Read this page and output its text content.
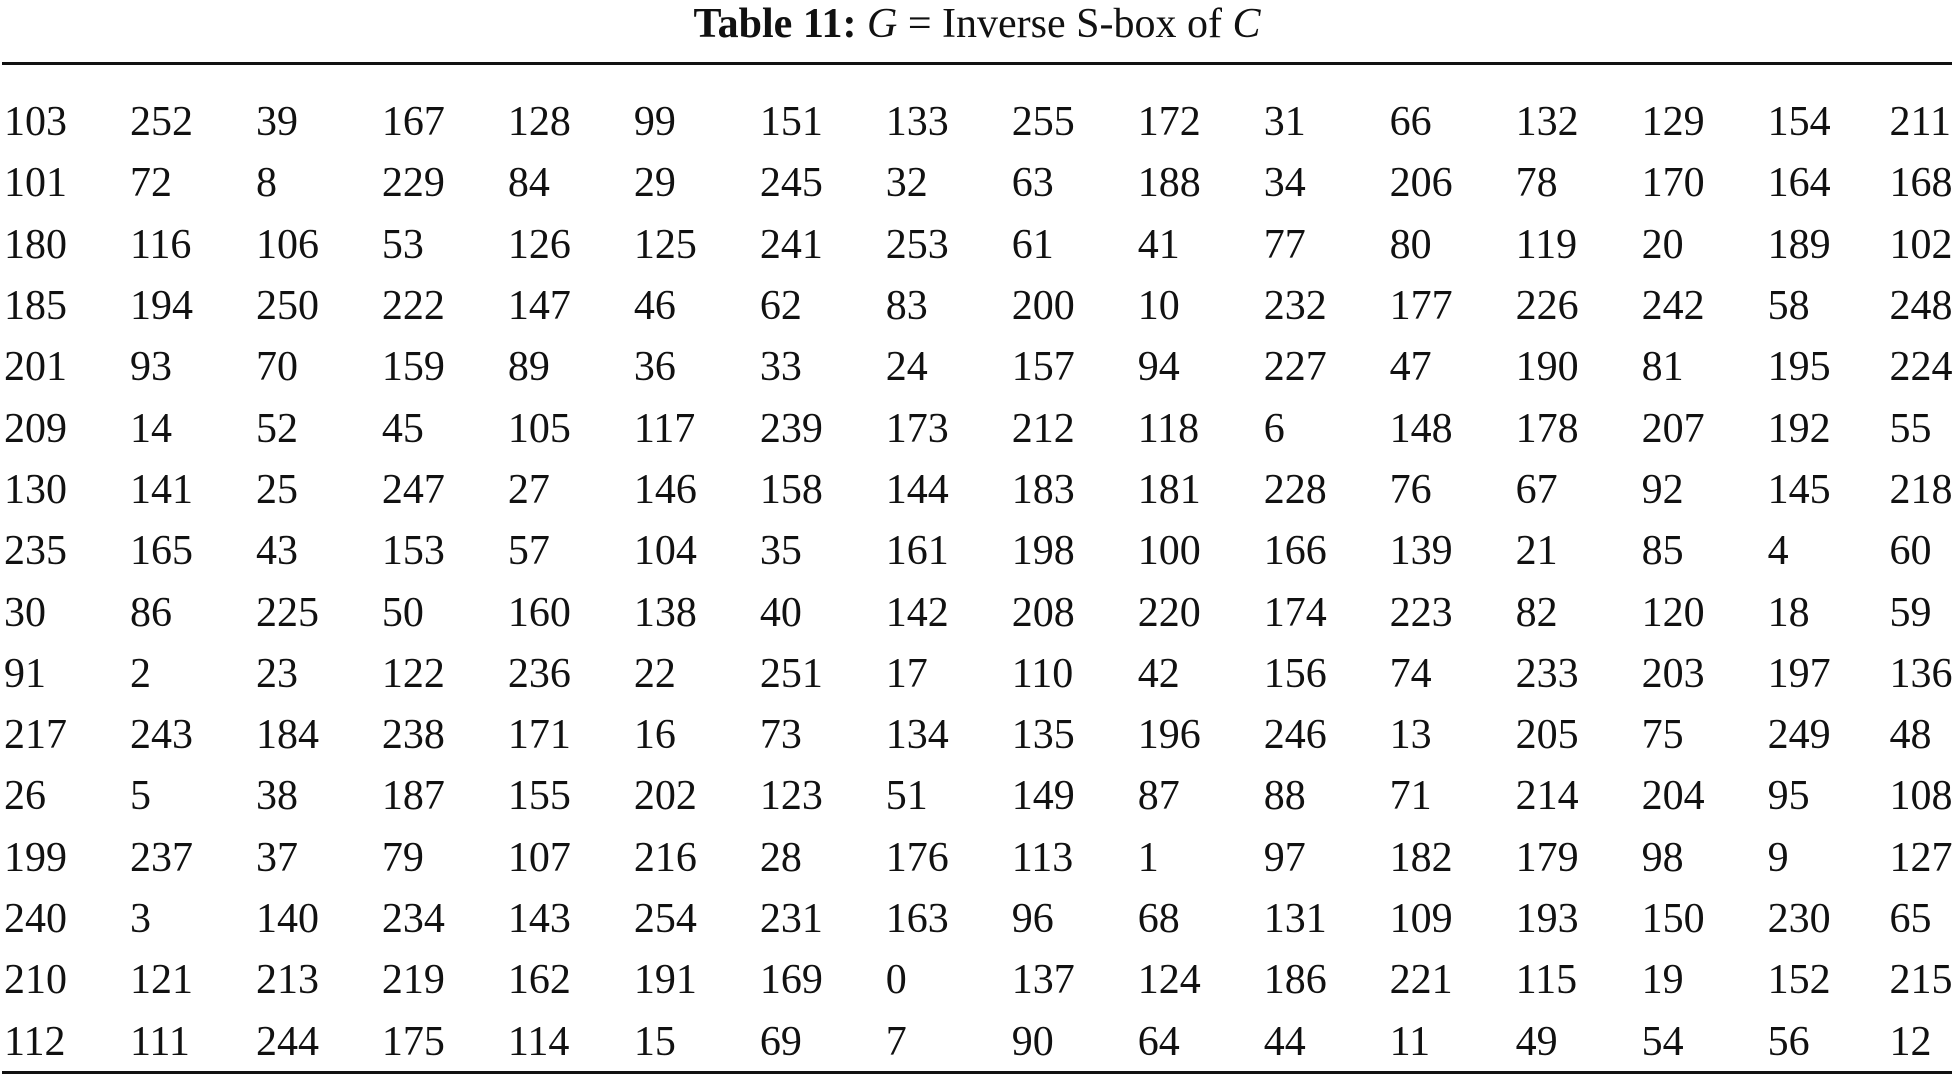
Table 11: G = Inverse S-box of C
103	252	39	167	128	99	151	133	255	172	31	66	132	129	154	211
101	72	8	229	84	29	245	32	63	188	34	206	78	170	164	168
180	116	106	53	126	125	241	253	61	41	77	80	119	20	189	102
185	194	250	222	147	46	62	83	200	10	232	177	226	242	58	248
201	93	70	159	89	36	33	24	157	94	227	47	190	81	195	224
209	14	52	45	105	117	239	173	212	118	6	148	178	207	192	55
130	141	25	247	27	146	158	144	183	181	228	76	67	92	145	218
235	165	43	153	57	104	35	161	198	100	166	139	21	85	4	60
30	86	225	50	160	138	40	142	208	220	174	223	82	120	18	59
91	2	23	122	236	22	251	17	110	42	156	74	233	203	197	136
217	243	184	238	171	16	73	134	135	196	246	13	205	75	249	48
26	5	38	187	155	202	123	51	149	87	88	71	214	204	95	108
199	237	37	79	107	216	28	176	113	1	97	182	179	98	9	127
240	3	140	234	143	254	231	163	96	68	131	109	193	150	230	65
210	121	213	219	162	191	169	0	137	124	186	221	115	19	152	215
112	111	244	175	114	15	69	7	90	64	44	11	49	54	56	12
